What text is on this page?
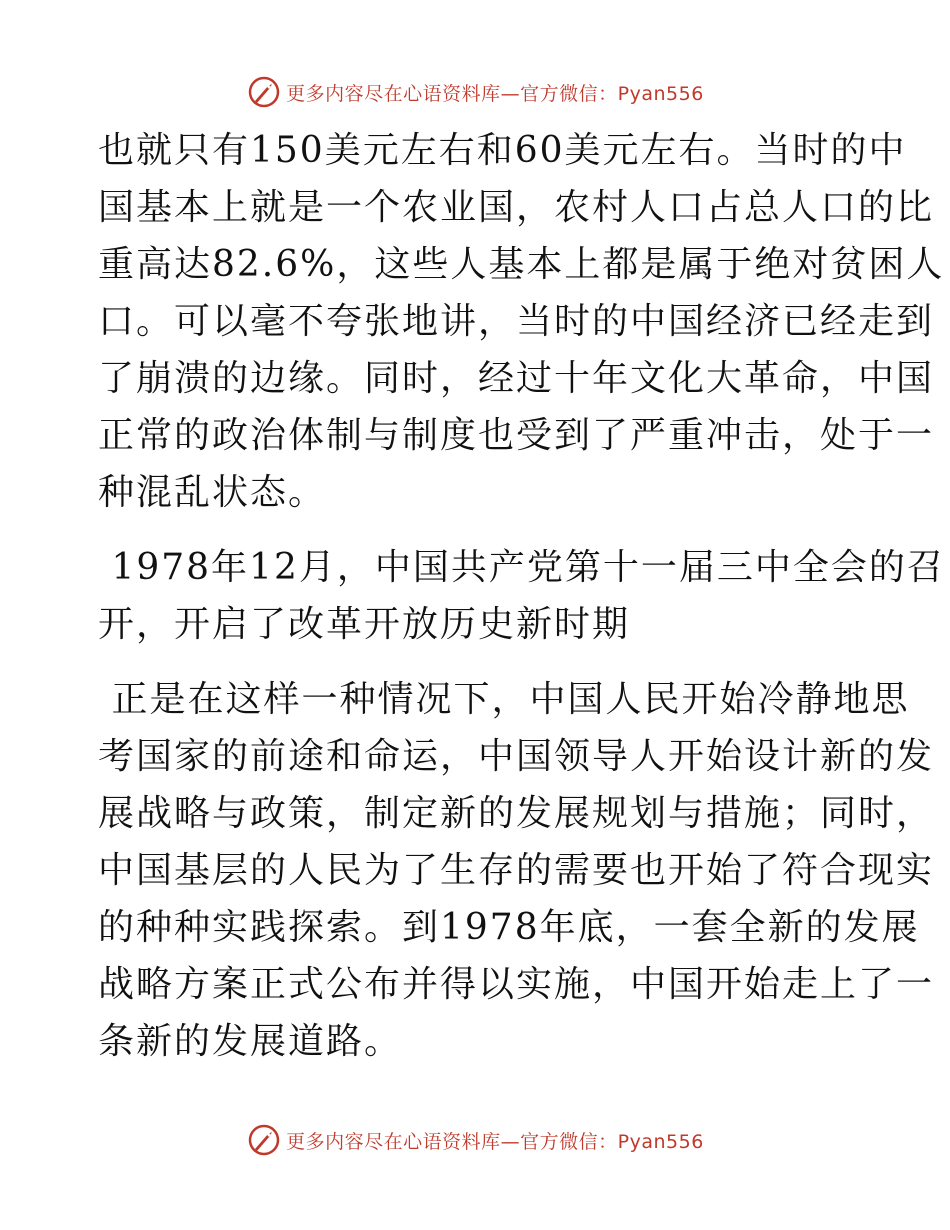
更多内容尽在心语资料库—官方微信：Pyan556

也就只有150美元左右和60美元左右。当时的中
国基本上就是一个农业国，农村人口占总人口的比
重高达82.6%，这些人基本上都是属于绝对贫困人
口。可以毫不夸张地讲，当时的中国经济已经走到
了崩溃的边缘。同时，经过十年文化大革命，中国
正常的政治体制与制度也受到了严重冲击，处于一
种混乱状态。

1978年12月，中国共产党第十一届三中全会的召
开，开启了改革开放历史新时期

正是在这样一种情况下，中国人民开始冷静地思
考国家的前途和命运，中国领导人开始设计新的发
展战略与政策，制定新的发展规划与措施；同时，
中国基层的人民为了生存的需要也开始了符合现实
的种种实践探索。到1978年底，一套全新的发展
战略方案正式公布并得以实施，中国开始走上了一
条新的发展道路。

更多内容尽在心语资料库—官方微信：Pyan556
